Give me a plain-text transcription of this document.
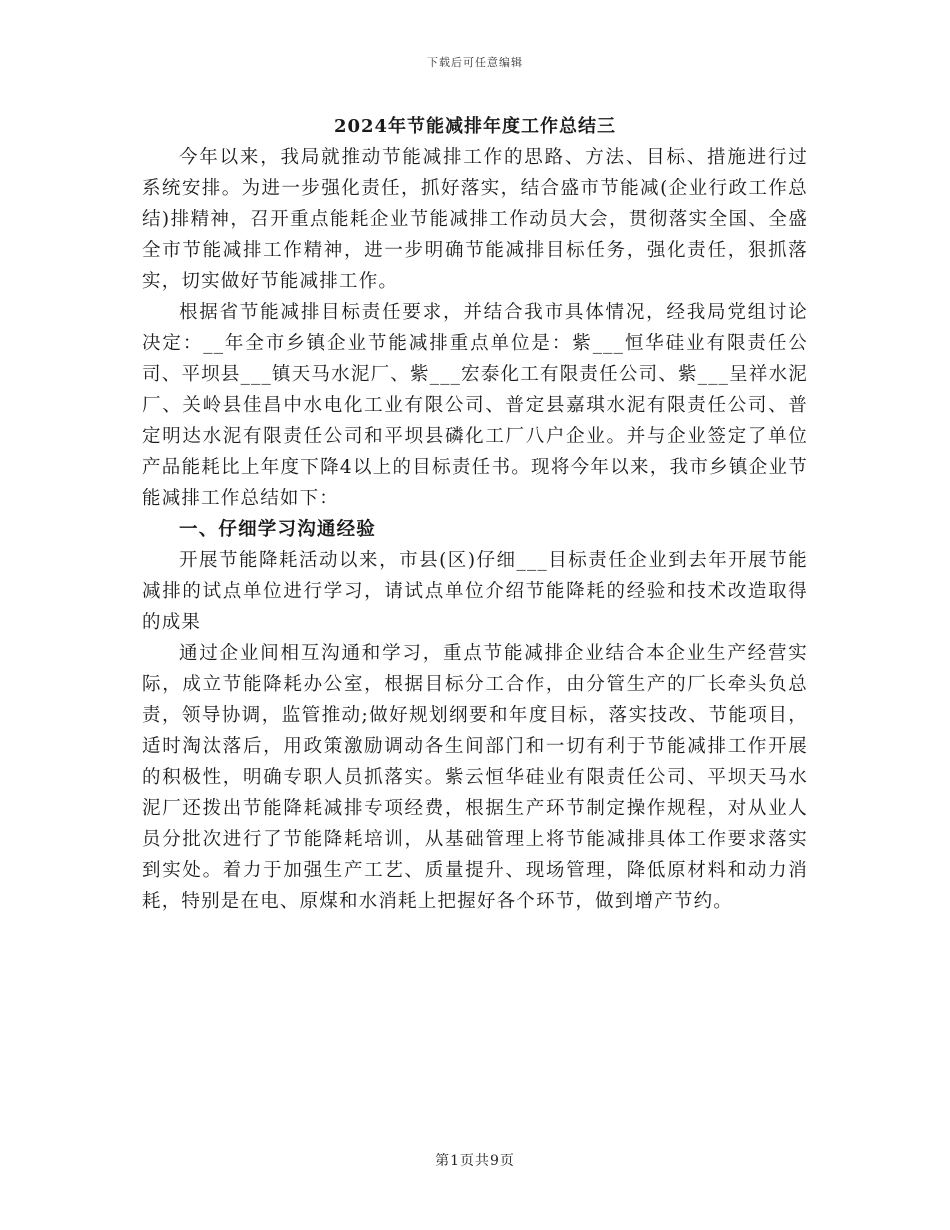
下载后可任意编辑
2024年节能减排年度工作总结三

今年以来，我局就推动节能减排工作的思路、方法、目标、措施进行过系统安排。为进一步强化责任，抓好落实，结合盛市节能减(企业行政工作总结)排精神，召开重点能耗企业节能减排工作动员大会，贯彻落实全国、全盛全市节能减排工作精神，进一步明确节能减排目标任务，强化责任，狠抓落实，切实做好节能减排工作。

根据省节能减排目标责任要求，并结合我市具体情况，经我局党组讨论决定：__年全市乡镇企业节能减排重点单位是：紫___恒华硅业有限责任公司、平坝县___镇天马水泥厂、紫___宏泰化工有限责任公司、紫___呈祥水泥厂、关岭县佳昌中水电化工业有限公司、普定县嘉琪水泥有限责任公司、普定明达水泥有限责任公司和平坝县磷化工厂八户企业。并与企业签定了单位产品能耗比上年度下降4以上的目标责任书。现将今年以来，我市乡镇企业节能减排工作总结如下：

一、仔细学习沟通经验

开展节能降耗活动以来，市县(区)仔细___目标责任企业到去年开展节能减排的试点单位进行学习，请试点单位介绍节能降耗的经验和技术改造取得的成果

通过企业间相互沟通和学习，重点节能减排企业结合本企业生产经营实际，成立节能降耗办公室，根据目标分工合作，由分管生产的厂长牵头负总责，领导协调，监管推动;做好规划纲要和年度目标，落实技改、节能项目，适时淘汰落后，用政策激励调动各生间部门和一切有利于节能减排工作开展的积极性，明确专职人员抓落实。紫云恒华硅业有限责任公司、平坝天马水泥厂还拨出节能降耗减排专项经费，根据生产环节制定操作规程，对从业人员分批次进行了节能降耗培训，从基础管理上将节能减排具体工作要求落实到实处。着力于加强生产工艺、质量提升、现场管理，降低原材料和动力消耗，特别是在电、原煤和水消耗上把握好各个环节，做到增产节约。

第1页共9页
